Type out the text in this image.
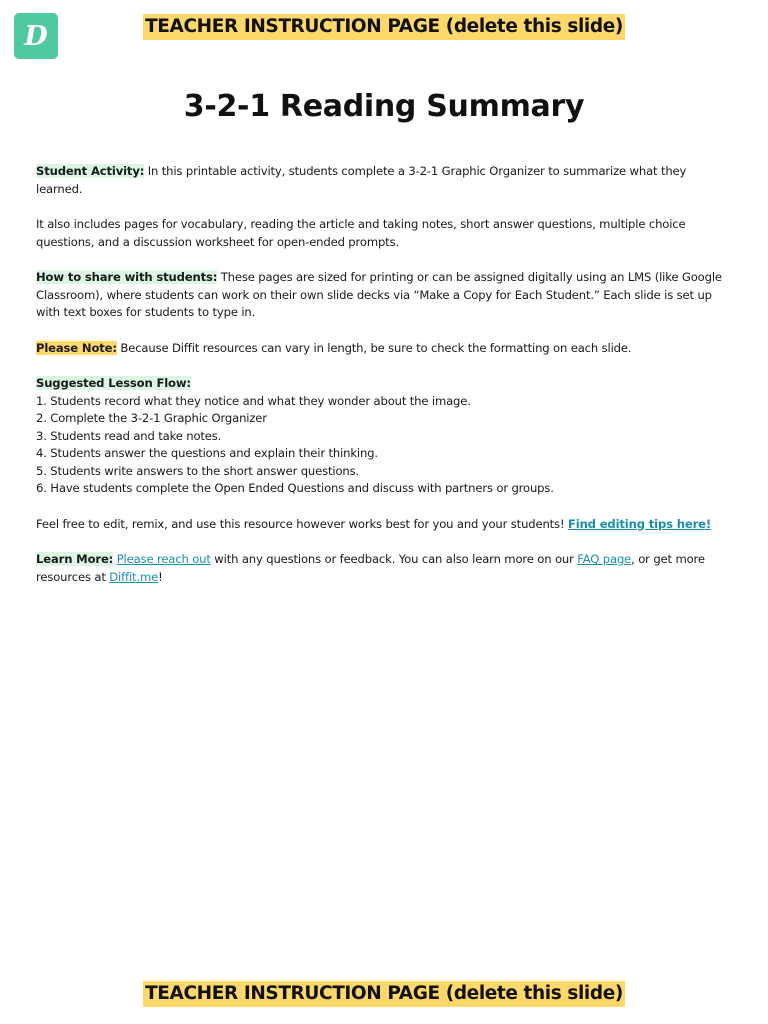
D	TEACHER INSTRUCTION PAGE (delete this slide)
3-2-1 Reading Summary

Student Activity: In this printable activity, students complete a 3-2-1 Graphic Organizer to summarize what they learned.

It also includes pages for vocabulary, reading the article and taking notes, short answer questions, multiple choice questions, and a discussion worksheet for open-ended prompts.

How to share with students: These pages are sized for printing or can be assigned digitally using an LMS (like Google Classroom), where students can work on their own slide decks via “Make a Copy for Each Student.” Each slide is set up with text boxes for students to type in.

Please Note: Because Diffit resources can vary in length, be sure to check the formatting on each slide.

Suggested Lesson Flow:
1. Students record what they notice and what they wonder about the image.
2. Complete the 3-2-1 Graphic Organizer
3. Students read and take notes.
4. Students answer the questions and explain their thinking.
5. Students write answers to the short answer questions.
6. Have students complete the Open Ended Questions and discuss with partners or groups.

Feel free to edit, remix, and use this resource however works best for you and your students! Find editing tips here!

Learn More: Please reach out with any questions or feedback. You can also learn more on our FAQ page, or get more resources at Diffit.me!

TEACHER INSTRUCTION PAGE (delete this slide)
